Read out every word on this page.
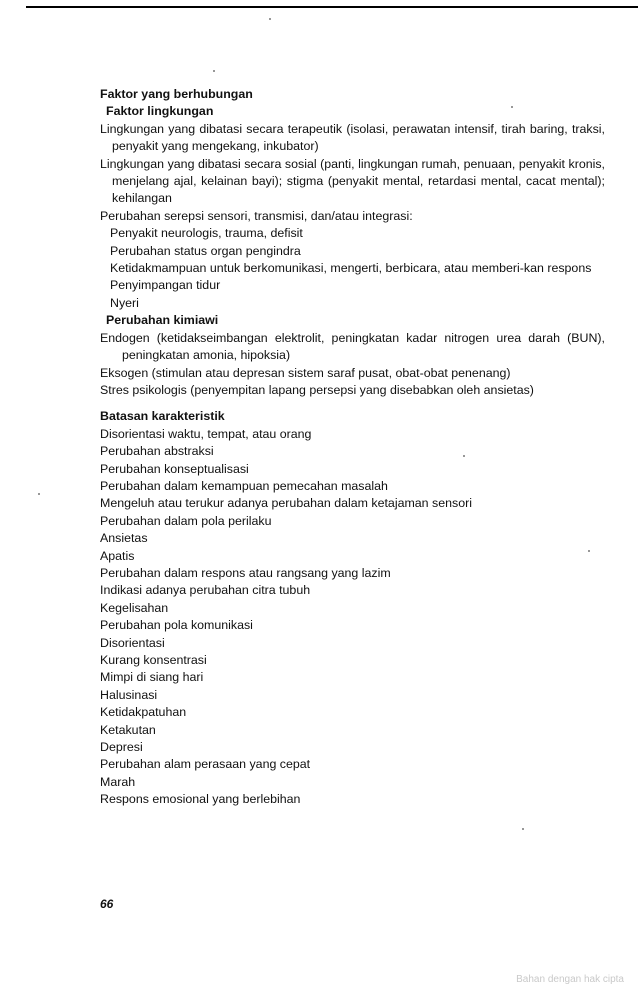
Faktor yang berhubungan

Faktor lingkungan

Lingkungan yang dibatasi secara terapeutik (isolasi, perawatan intensif, tirah baring, traksi, penyakit yang mengekang, inkubator)

Lingkungan yang dibatasi secara sosial (panti, lingkungan rumah, penuaan, penyakit kronis, menjelang ajal, kelainan bayi); stigma (penyakit mental, retardasi mental, cacat mental); kehilangan

Perubahan serepsi sensori, transmisi, dan/atau integrasi:

Penyakit neurologis, trauma, defisit

Perubahan status organ pengindra

Ketidakmampuan untuk berkomunikasi, mengerti, berbicara, atau memberi-kan respons

Penyimpangan tidur

Nyeri

Perubahan kimiawi

Endogen (ketidakseimbangan elektrolit, peningkatan kadar nitrogen urea darah (BUN), peningkatan amonia, hipoksia)

Eksogen (stimulan atau depresan sistem saraf pusat, obat-obat penenang)

Stres psikologis (penyempitan lapang persepsi yang disebabkan oleh ansietas)

Batasan karakteristik

Disorientasi waktu, tempat, atau orang

Perubahan abstraksi

Perubahan konseptualisasi

Perubahan dalam kemampuan pemecahan masalah

Mengeluh atau terukur adanya perubahan dalam ketajaman sensori

Perubahan dalam pola perilaku

Ansietas

Apatis

Perubahan dalam respons atau rangsang yang lazim

Indikasi adanya perubahan citra tubuh

Kegelisahan

Perubahan pola komunikasi

Disorientasi

Kurang konsentrasi

Mimpi di siang hari

Halusinasi

Ketidakpatuhan

Ketakutan

Depresi

Perubahan alam perasaan yang cepat

Marah

Respons emosional yang berlebihan

66
Bahan dengan hak cipta
